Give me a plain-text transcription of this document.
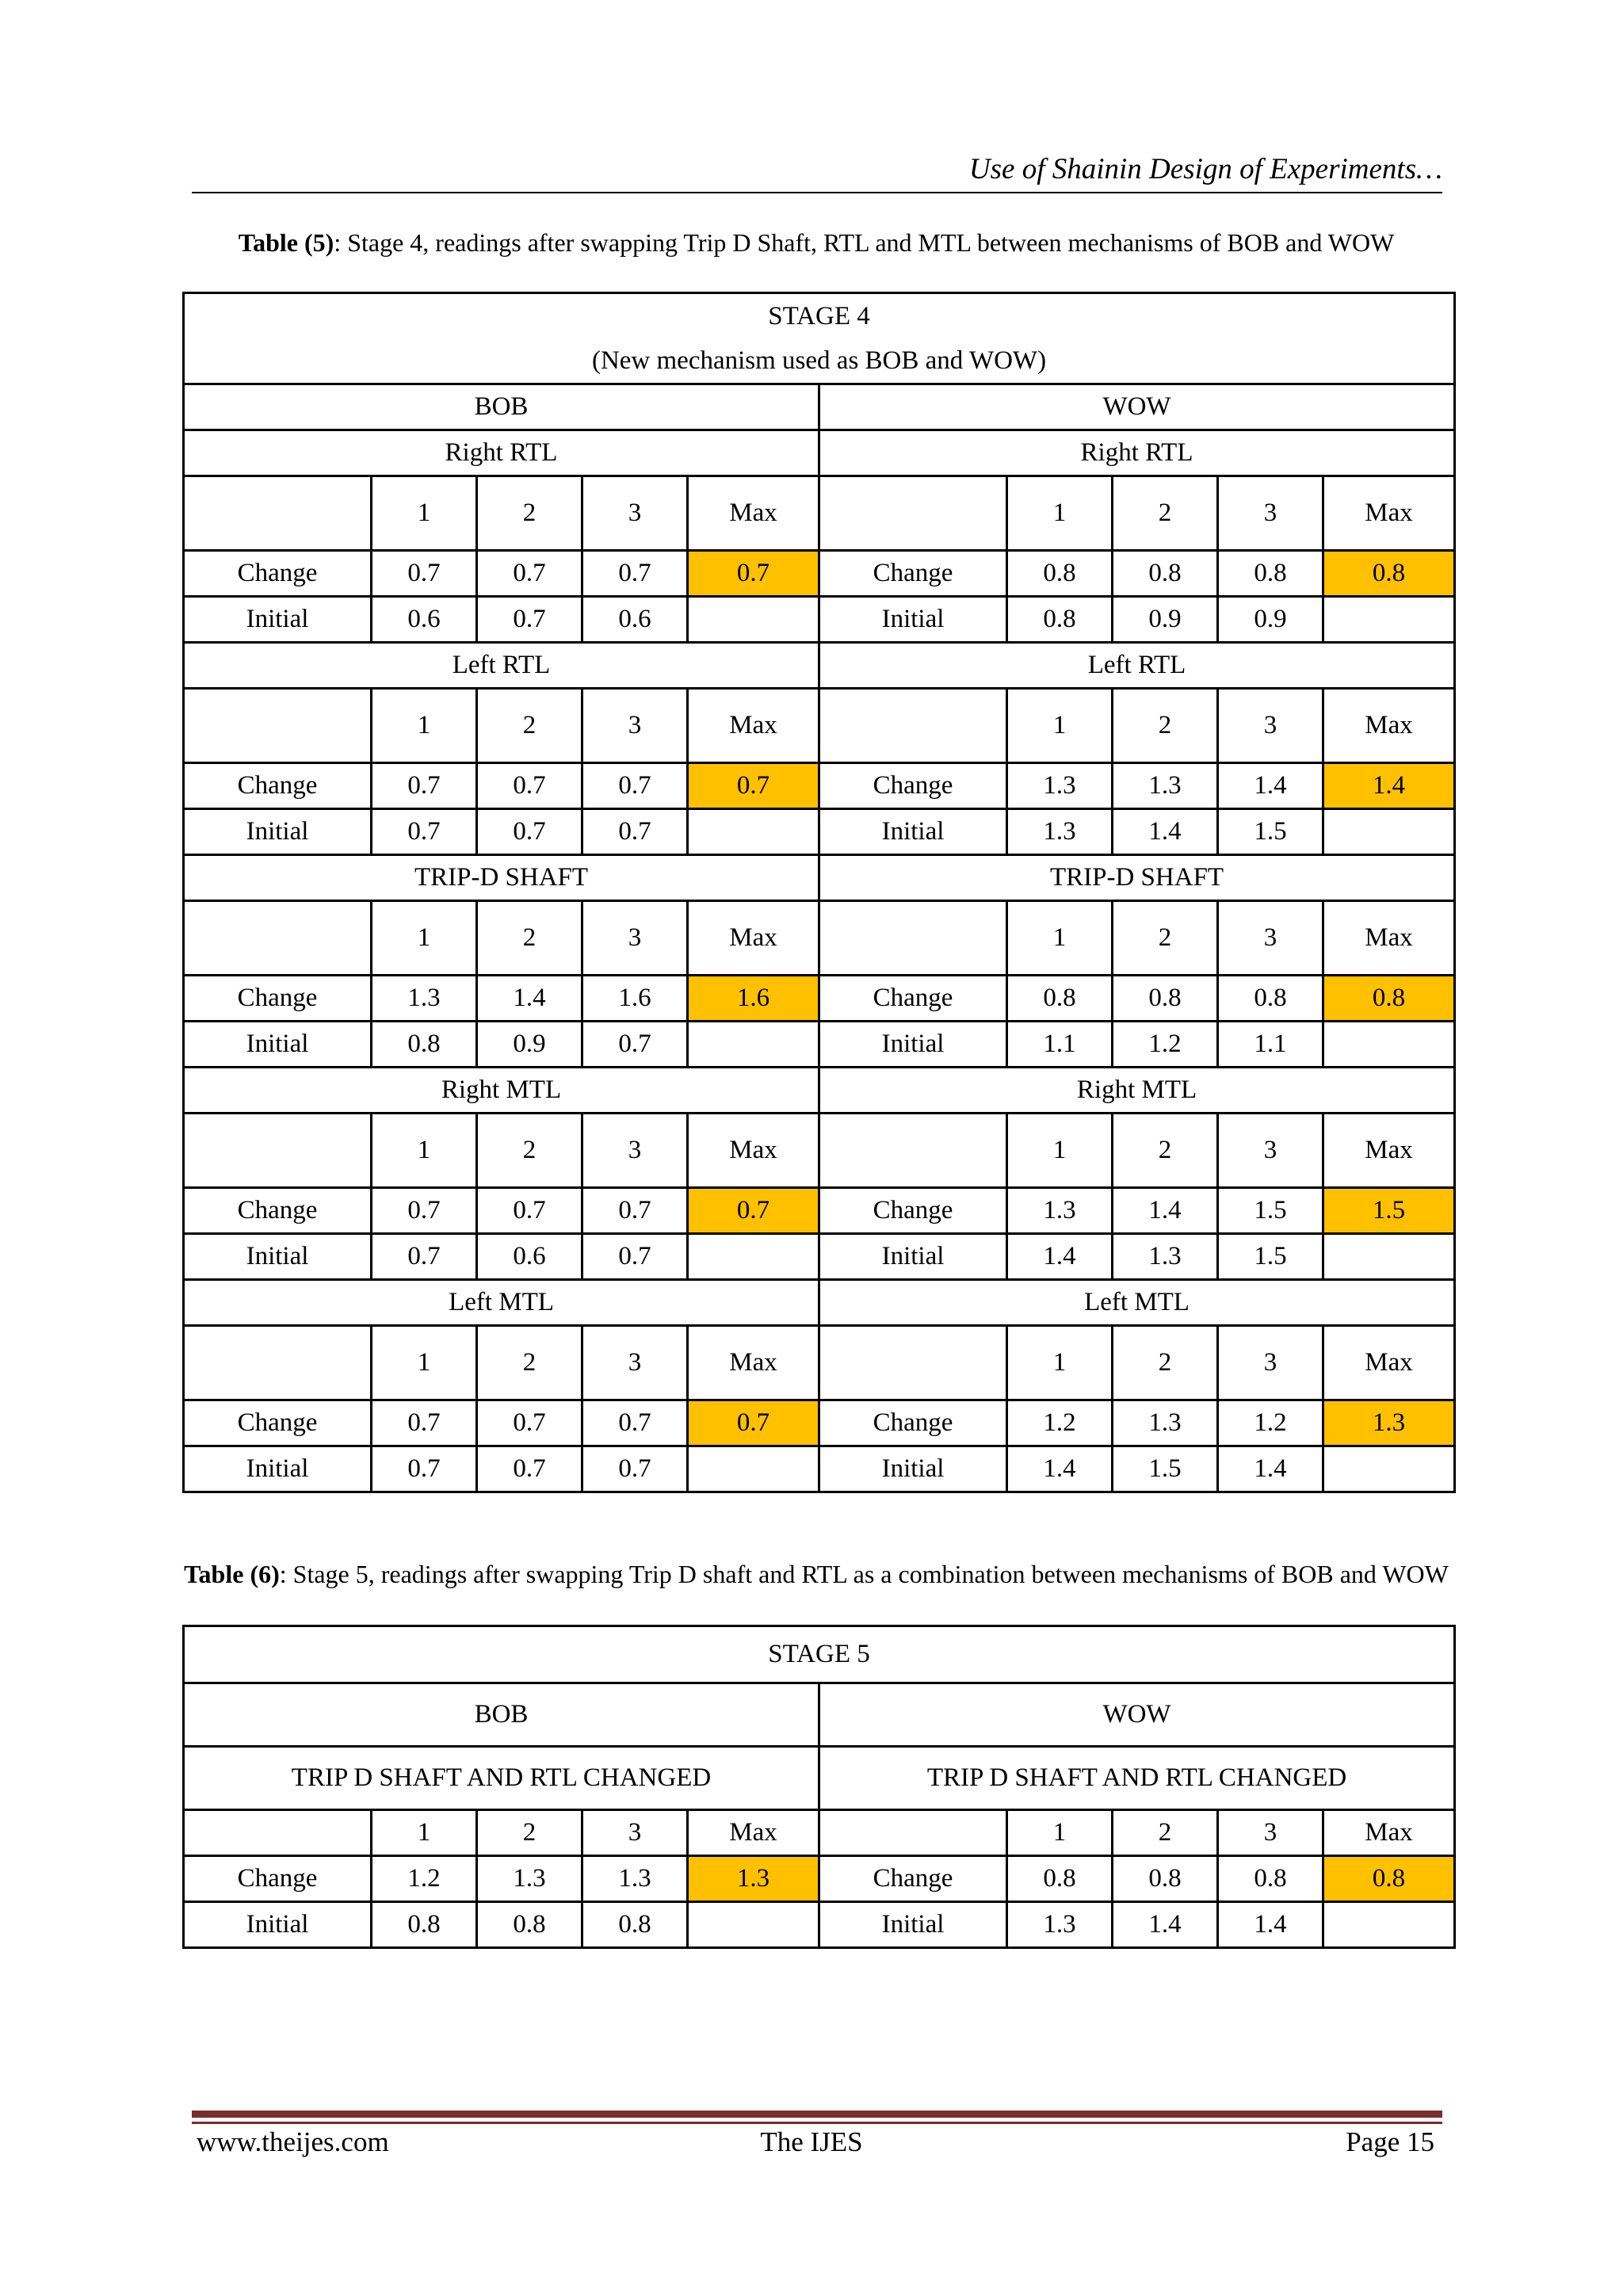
Use of Shainin Design of Experiments…
Table (5): Stage 4, readings after swapping Trip D Shaft, RTL and MTL between mechanisms of BOB and WOW
STAGE 4									
(New mechanism used as BOB and WOW)									
BOB					WOW				
Right RTL					Right RTL				
	1	2	3	Max		1	2	3	Max
Change	0.7	0.7	0.7	0.7	Change	0.8	0.8	0.8	0.8
Initial	0.6	0.7	0.6		Initial	0.8	0.9	0.9	
Left RTL					Left RTL				
	1	2	3	Max		1	2	3	Max
Change	0.7	0.7	0.7	0.7	Change	1.3	1.3	1.4	1.4
Initial	0.7	0.7	0.7		Initial	1.3	1.4	1.5	
TRIP-D SHAFT					TRIP-D SHAFT				
	1	2	3	Max		1	2	3	Max
Change	1.3	1.4	1.6	1.6	Change	0.8	0.8	0.8	0.8
Initial	0.8	0.9	0.7		Initial	1.1	1.2	1.1	
Right MTL					Right MTL				
	1	2	3	Max		1	2	3	Max
Change	0.7	0.7	0.7	0.7	Change	1.3	1.4	1.5	1.5
Initial	0.7	0.6	0.7		Initial	1.4	1.3	1.5	
Left MTL					Left MTL				
	1	2	3	Max		1	2	3	Max
Change	0.7	0.7	0.7	0.7	Change	1.2	1.3	1.2	1.3
Initial	0.7	0.7	0.7		Initial	1.4	1.5	1.4	
Table (6): Stage 5, readings after swapping Trip D shaft and RTL as a combination between mechanisms of BOB and WOW
STAGE 5									
BOB					WOW				
TRIP D SHAFT AND RTL CHANGED					TRIP D SHAFT AND RTL CHANGED				
	1	2	3	Max		1	2	3	Max
Change	1.2	1.3	1.3	1.3	Change	0.8	0.8	0.8	0.8
Initial	0.8	0.8	0.8		Initial	1.3	1.4	1.4	
www.theijes.com	The IJES	Page 15
